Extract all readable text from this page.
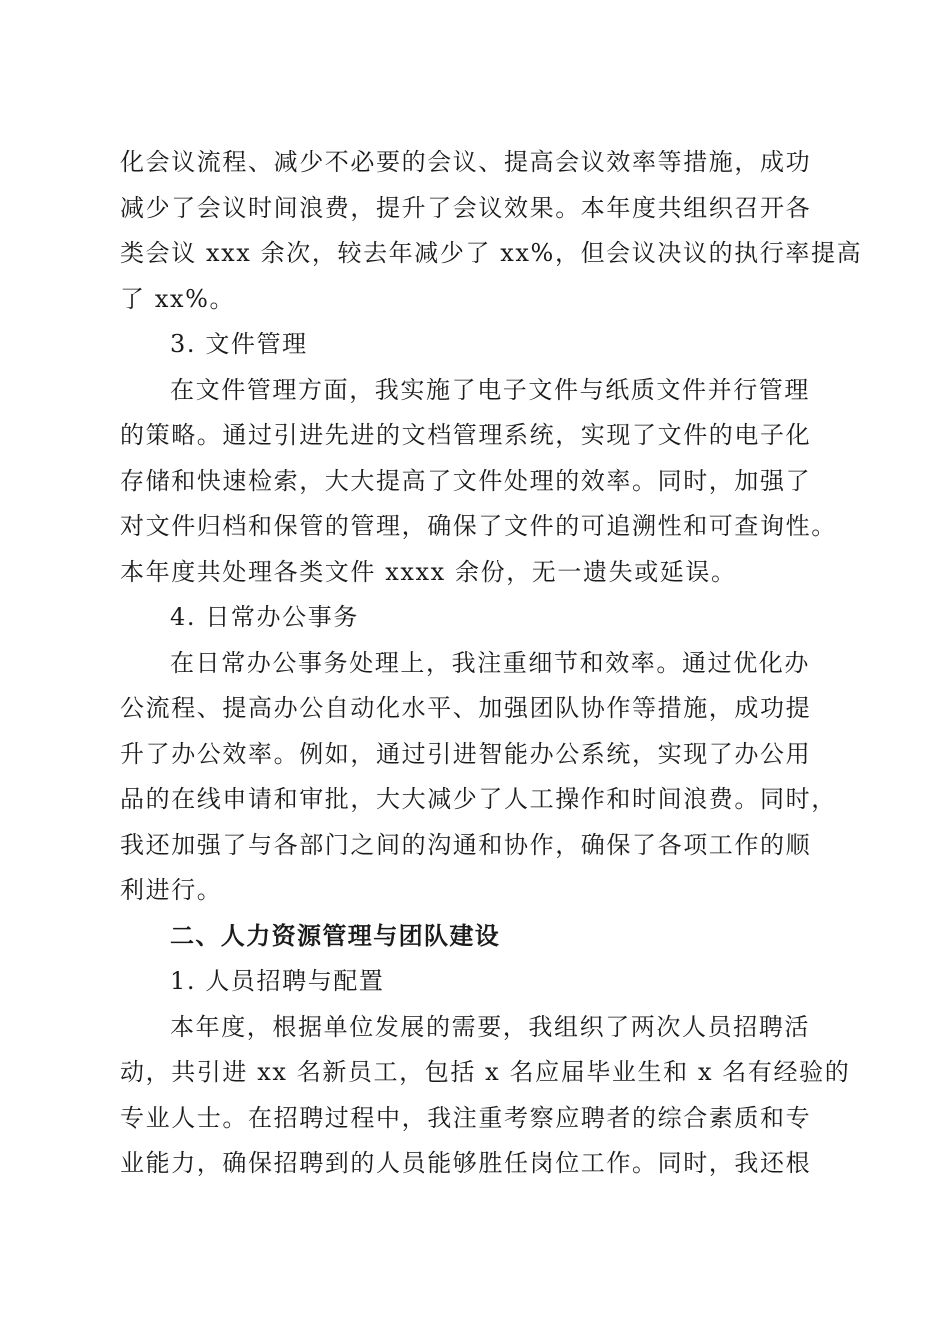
化会议流程、减少不必要的会议、提高会议效率等措施，成功
减少了会议时间浪费，提升了会议效果。本年度共组织召开各
类会议 xxx 余次，较去年减少了 xx%，但会议决议的执行率提高
了 xx%。
3. 文件管理
在文件管理方面，我实施了电子文件与纸质文件并行管理
的策略。通过引进先进的文档管理系统，实现了文件的电子化
存储和快速检索，大大提高了文件处理的效率。同时，加强了
对文件归档和保管的管理，确保了文件的可追溯性和可查询性。
本年度共处理各类文件 xxxx 余份，无一遗失或延误。
4. 日常办公事务
在日常办公事务处理上，我注重细节和效率。通过优化办
公流程、提高办公自动化水平、加强团队协作等措施，成功提
升了办公效率。例如，通过引进智能办公系统，实现了办公用
品的在线申请和审批，大大减少了人工操作和时间浪费。同时，
我还加强了与各部门之间的沟通和协作，确保了各项工作的顺
利进行。
二、人力资源管理与团队建设
1. 人员招聘与配置
本年度，根据单位发展的需要，我组织了两次人员招聘活
动，共引进 xx 名新员工，包括 x 名应届毕业生和 x 名有经验的
专业人士。在招聘过程中，我注重考察应聘者的综合素质和专
业能力，确保招聘到的人员能够胜任岗位工作。同时，我还根
